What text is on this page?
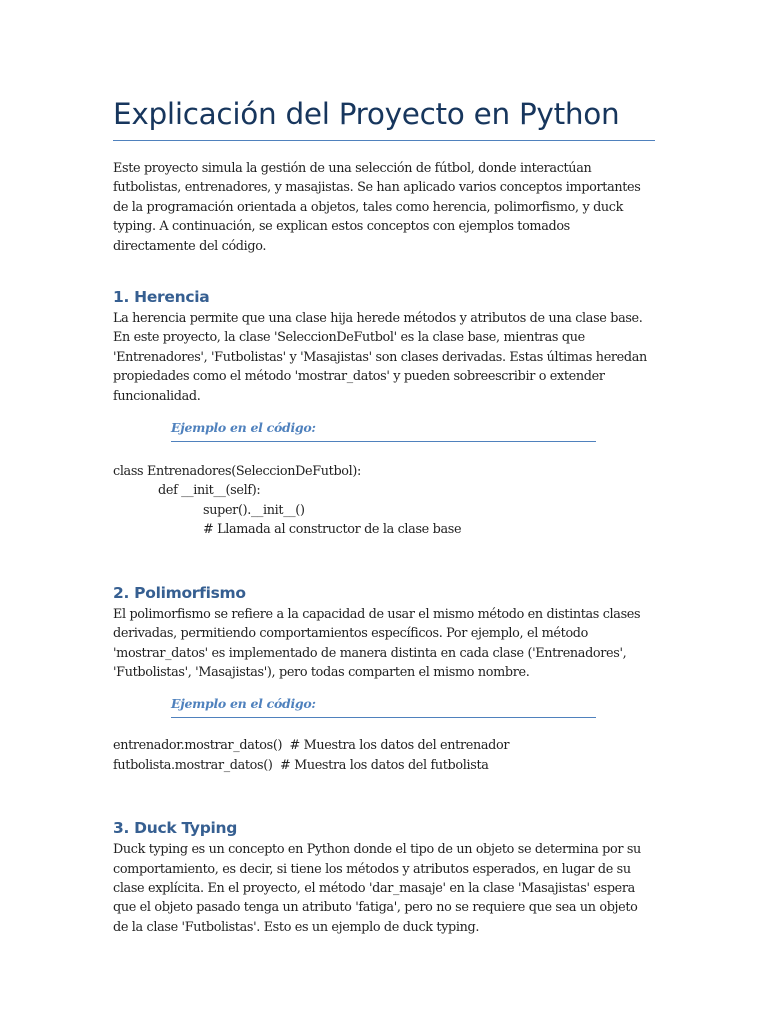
Explicación del Proyecto en Python

Este proyecto simula la gestión de una selección de fútbol, donde interactúan futbolistas, entrenadores, y masajistas. Se han aplicado varios conceptos importantes de la programación orientada a objetos, tales como herencia, polimorfismo, y duck typing. A continuación, se explican estos conceptos con ejemplos tomados directamente del código.

1. Herencia

La herencia permite que una clase hija herede métodos y atributos de una clase base. En este proyecto, la clase 'SeleccionDeFutbol' es la clase base, mientras que 'Entrenadores', 'Futbolistas' y 'Masajistas' son clases derivadas. Estas últimas heredan propiedades como el método 'mostrar_datos' y pueden sobreescribir o extender funcionalidad.

Ejemplo en el código:

class Entrenadores(SeleccionDeFutbol):

def __init__(self):

super().__init__()

# Llamada al constructor de la clase base

2. Polimorfismo

El polimorfismo se refiere a la capacidad de usar el mismo método en distintas clases derivadas, permitiendo comportamientos específicos. Por ejemplo, el método 'mostrar_datos' es implementado de manera distinta en cada clase ('Entrenadores', 'Futbolistas', 'Masajistas'), pero todas comparten el mismo nombre.

Ejemplo en el código:

entrenador.mostrar_datos()  # Muestra los datos del entrenador

futbolista.mostrar_datos()  # Muestra los datos del futbolista

3. Duck Typing

Duck typing es un concepto en Python donde el tipo de un objeto se determina por su comportamiento, es decir, si tiene los métodos y atributos esperados, en lugar de su clase explícita. En el proyecto, el método 'dar_masaje' en la clase 'Masajistas' espera que el objeto pasado tenga un atributo 'fatiga', pero no se requiere que sea un objeto de la clase 'Futbolistas'. Esto es un ejemplo de duck typing.
